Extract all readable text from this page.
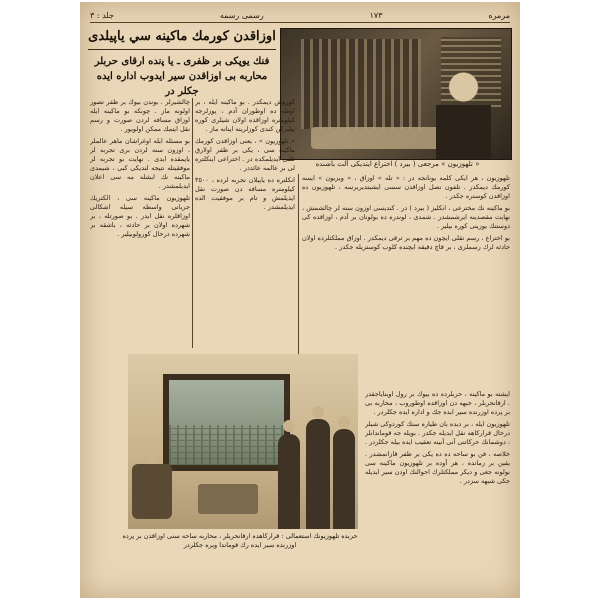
مرمره
١٧٣
رسمی رسمه
جلد : ٣
« تلهوزيون » مرجعی ( بيرد ) اختراع ايتديكی آلت باشنده
اوزاقدن كورمك ماكينه سي ياپيلدى
فنك يوپكی بر ظفری ـ يا ﭘنده ارقاى حربلر محاربه بی اوزاقدن سير ايدوب اداره ايده جكلر در

چالشيرلر . بوندن بيوك بر ظفر تصور اولونه ماز . چونكه بو ماكينه ايله اوزاق مسافه لردن صورت و رسم نقل ايتمك ممكن اولويور .

بو مسئله ايله اوغراشان ماهر عالملر ، اوزون سنه لردن برى تجربه لر ياپمقده ايدى . نهايت بو تجربه لر موفقيتله نتيجه لنديكی كبی ، شيمدی ماكينه نك ايشله مه سی اعلان ايديلمشدر .

تلهوزيون ماكينه سی ، الكتريك جريانى واسطه سيله اشكالى اوزاقلره نقل ايدر . بو صورتله ، بر شهرده اولان بر حادثه ، باشقه بر شهرده درحال كورولوبيلير .

كوروش ديمكدر . بو ماكينه ايله ، بر اوطه ده اوطوران آدم ، يوزلرجه كيلومتره اوزاقده اولان شيلری كوره بيليركن كندی كوزلرينه اينانه ماز .

« تلهوزيون » ، يعنى اوزاقدن كورمك ماكينه سی ، يكی بر ظفر اولارق تلقی ايديلمكده در . اختراعى اينكلتره لی بر عالمه عائددر .

انكلتره ده ياپيلان تجربه لرده ، ٣٥٠٠ كيلومتره مسافه دن صورت نقل ايديلمش و تام بر موفقيت الده ايديلمشدر .

تلهوزيون ، هر ايكی كلمه يونانجه در : « تله » اوزاق ، « ويزيون » ايسه كورمك ديمكدر . تلفون نصل اوزاقدن سسى ايشيتديريرسه ، تلهوزيون ده اوزاقدن كوستره جكدر .

بو ماكينه نك مخترعی ، انكليز ( بيرد ) در . كنديسی اوزون سنه لر چالشمش ، نهايت مقصدينه ايرشمشدر . شمدی ، لوندره ده بولونان بر آدم ، اوزاقده كی دوستنك يوزينی كوره بيلير .

بو اختراع ، رسم نقلی ايچون ده مهم بر ترقی ديمكدر . اوزاق مملكتلرده اولان حادثه لرك رسملری ، بر قاچ دقيقه ايچنده كلوب كوستريله جكدر .

حربده تلهوزيونك استعمالی : قرارکاهده ارقانحربلر ، محاربه ساحه سنی اوزاقدن بر پرده اوزرنده سير ايده رك قوماندا ويره جكلردر

ايشته بو ماكينه ، حربلرده ده بيوك بر رول اويناياجقدر . ارقانحربلر ، جبهه دن اوزاقده اوطوروب ، محاربه بی بر پرده اوزرنده سير ايده جك و اداره ايده جكلردر .

تلهوزيون ايله ، بر ديده بان طياره سنك كوردوكی شيلر درحال قرارکاهه نقل ايديله جكدر . بويله جه قوماندانلر ، دوشمانك حركاتنی آنی آنينه تعقيب ايده بيله جكلردر .

خلاصه ، فن بو ساحه ده ده يكی بر ظفر قازانمشدر . يقين بر زمانده ، هر أوده بر تلهوزيون ماكينه سی بولونه جغی و ديكر مملكتلرك احوالنك اودن سير ايديله جكی شبهه سزدر .
